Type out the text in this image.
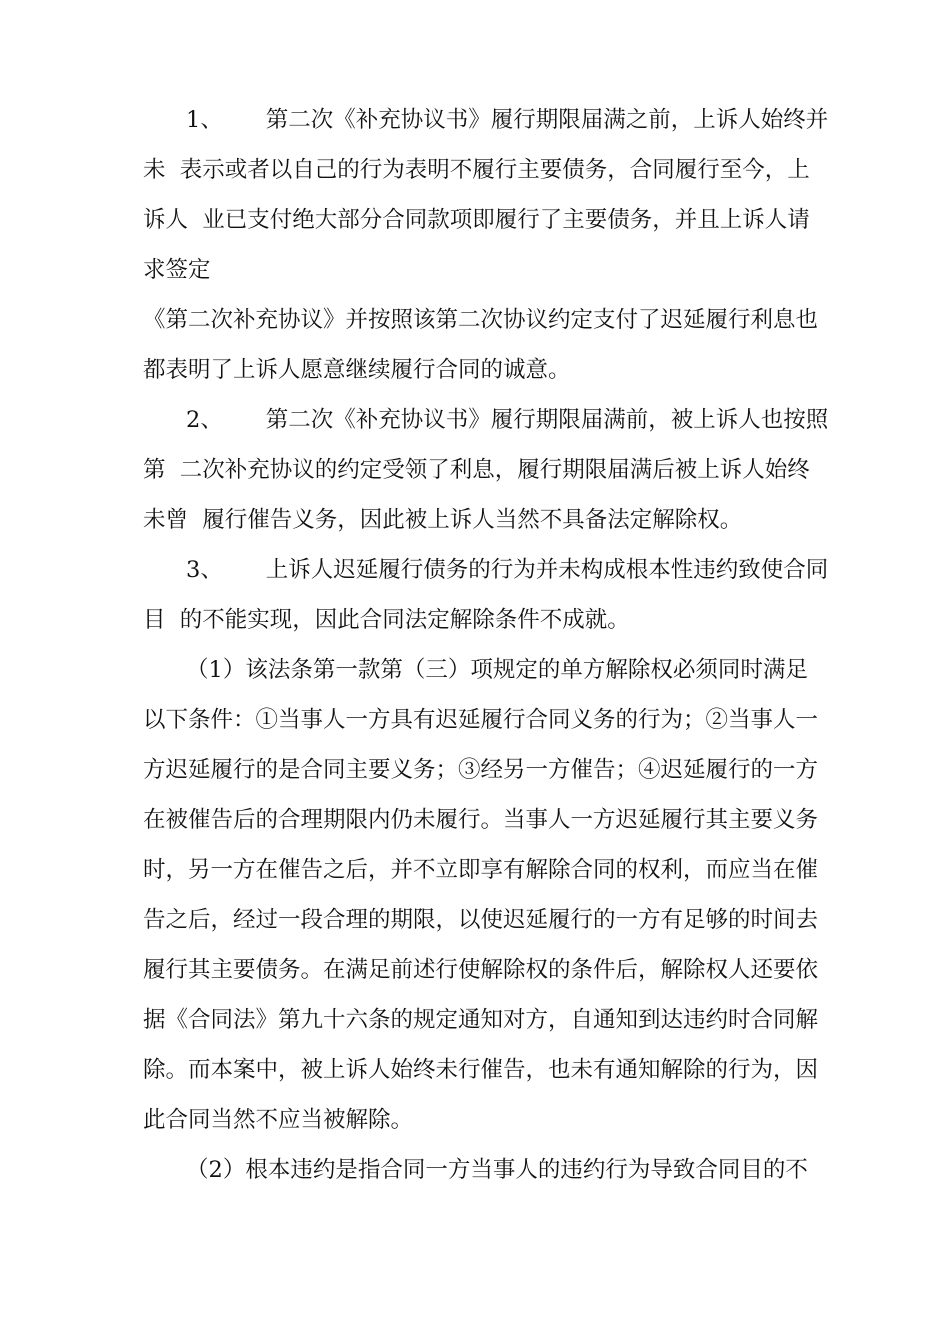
1、      第二次《补充协议书》履行期限届满之前，上诉人始终并
未  表示或者以自己的行为表明不履行主要债务，合同履行至今，上
诉人  业已支付绝大部分合同款项即履行了主要债务，并且上诉人请
求签定
《第二次补充协议》并按照该第二次协议约定支付了迟延履行利息也
都表明了上诉人愿意继续履行合同的诚意。
2、      第二次《补充协议书》履行期限届满前，被上诉人也按照
第  二次补充协议的约定受领了利息，履行期限届满后被上诉人始终
未曾  履行催告义务，因此被上诉人当然不具备法定解除权。
3、      上诉人迟延履行债务的行为并未构成根本性违约致使合同
目  的不能实现，因此合同法定解除条件不成就。
（1）该法条第一款第（三）项规定的单方解除权必须同时满足
以下条件：①当事人一方具有迟延履行合同义务的行为；②当事人一
方迟延履行的是合同主要义务；③经另一方催告；④迟延履行的一方
在被催告后的合理期限内仍未履行。当事人一方迟延履行其主要义务
时，另一方在催告之后，并不立即享有解除合同的权利，而应当在催
告之后，经过一段合理的期限，以使迟延履行的一方有足够的时间去
履行其主要债务。在满足前述行使解除权的条件后，解除权人还要依
据《合同法》第九十六条的规定通知对方，自通知到达违约时合同解
除。而本案中，被上诉人始终未行催告，也未有通知解除的行为，因
此合同当然不应当被解除。
（2）根本违约是指合同一方当事人的违约行为导致合同目的不
